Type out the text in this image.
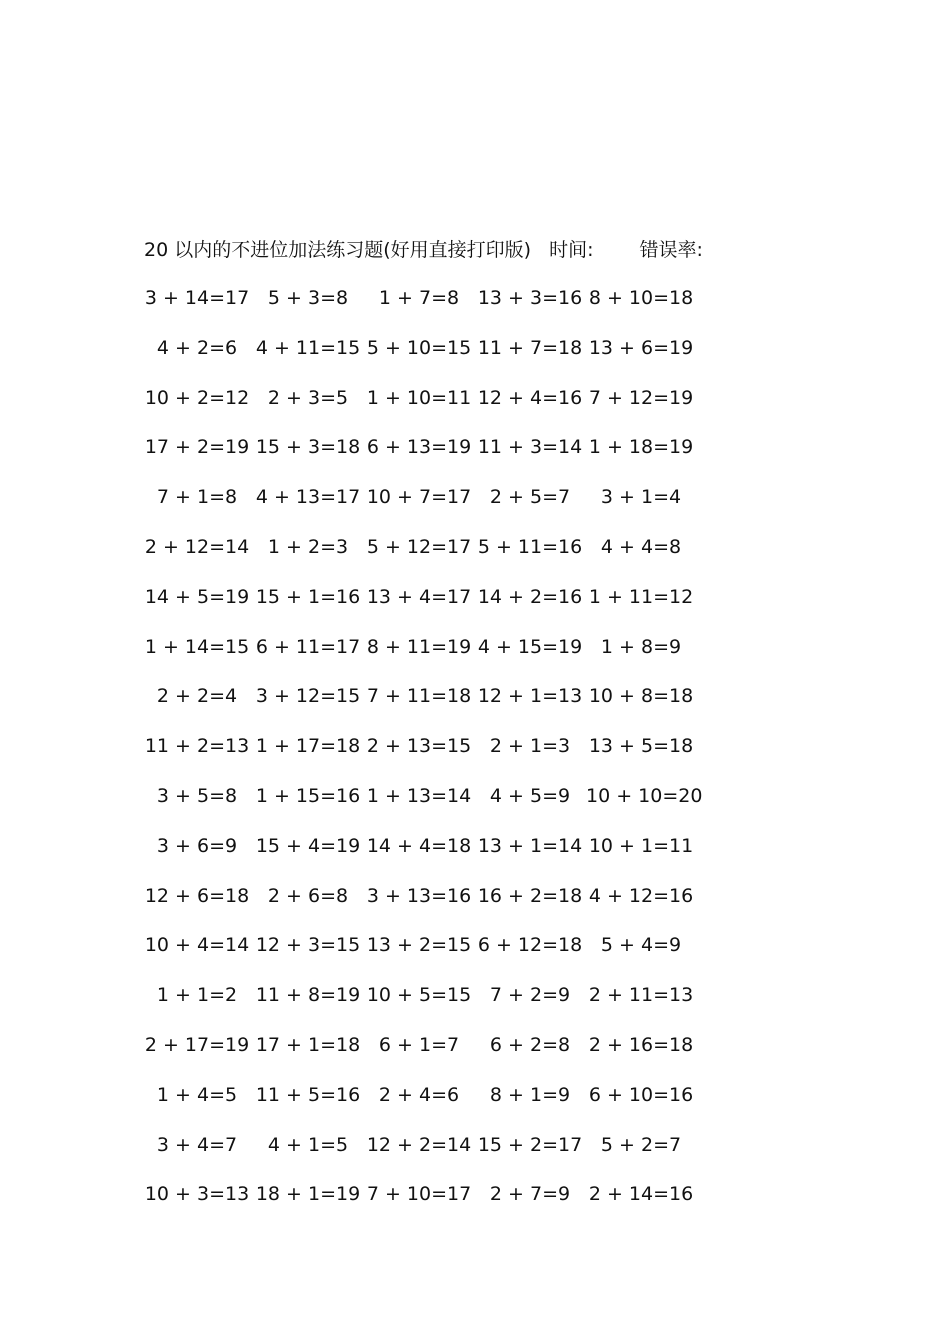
20 以内的不进位加法练习题(好用直接打印版) 时间: 错误率:
3 + 14=17 5 + 3=8	1 + 7=8 13 + 3=16 8 + 10=18
4 + 2=6 4 + 11=15 5 + 10=15 11 + 7=18 13 + 6=19
10 + 2=12 2 + 3=5 1 + 10=11 12 + 4=16 7 + 12=19
17 + 2=19 15 + 3=18 6 + 13=19 11 + 3=14 1 + 18=19
7 + 1=8 4 + 13=17 10 + 7=17 2 + 5=7	3 + 1=4
2 + 12=14 1 + 2=3 5 + 12=17 5 + 11=16 4 + 4=8
14 + 5=19 15 + 1=16 13 + 4=17 14 + 2=16 1 + 11=12
1 + 14=15 6 + 11=17 8 + 11=19 4 + 15=19 1 + 8=9
2 + 2=4 3 + 12=15 7 + 11=18 12 + 1=13 10 + 8=18
11 + 2=13 1 + 17=18 2 + 13=15 2 + 1=3 13 + 5=18
3 + 5=8 1 + 15=16 1 + 13=14 4 + 5=9 10 + 10=20
3 + 6=9 15 + 4=19 14 + 4=18 13 + 1=14 10 + 1=11
12 + 6=18 2 + 6=8 3 + 13=16 16 + 2=18 4 + 12=16
10 + 4=14 12 + 3=15 13 + 2=15 6 + 12=18 5 + 4=9
1 + 1=2 11 + 8=19 10 + 5=15 7 + 2=9 2 + 11=13
2 + 17=19 17 + 1=18 6 + 1=7	6 + 2=8 2 + 16=18
1 + 4=5 11 + 5=16 2 + 4=6	8 + 1=9 6 + 10=16
3 + 4=7	4 + 1=5 12 + 2=14 15 + 2=17 5 + 2=7
10 + 3=13 18 + 1=19 7 + 10=17 2 + 7=9 2 + 14=16
